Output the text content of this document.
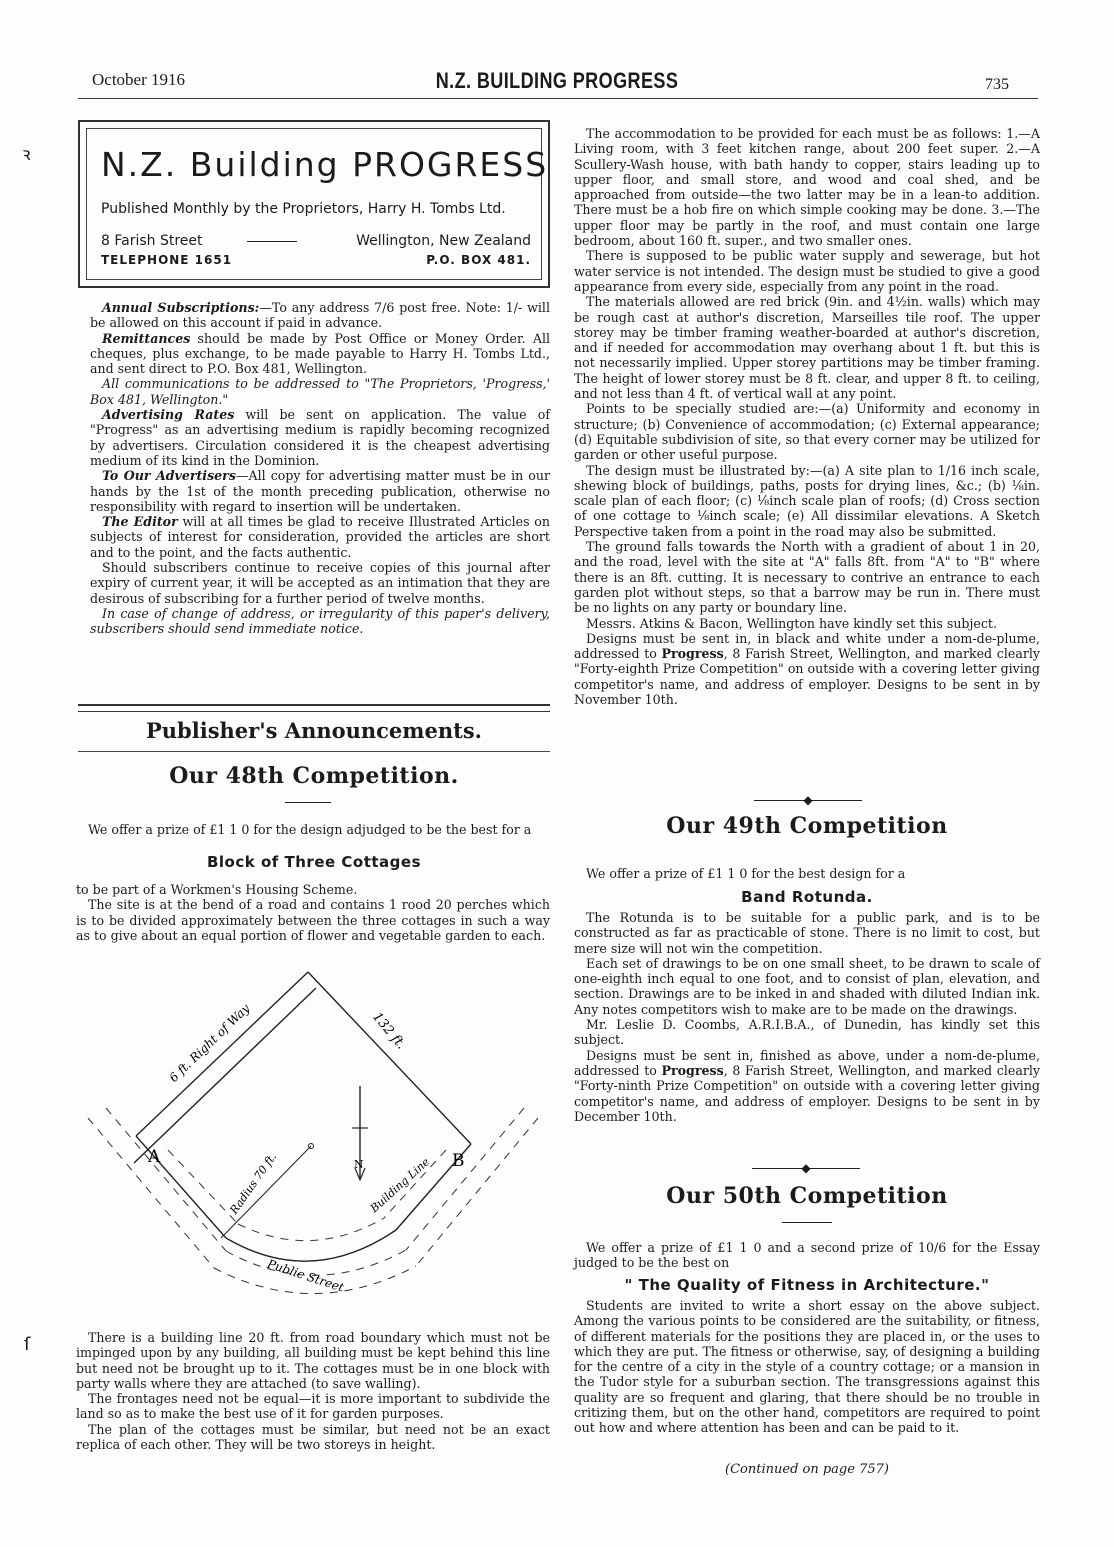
October 1916	N.Z. BUILDING PROGRESS	735
N.Z. Building PROGRESS
Published Monthly by the Proprietors, Harry H. Tombs Ltd.
8 Farish Street	Wellington, New Zealand
TELEPHONE 1651	P.O. BOX 481.

Annual Subscriptions:—To any address 7/6 post free. Note: 1/- will be allowed on this account if paid in advance.

Remittances should be made by Post Office or Money Order. All cheques, plus exchange, to be made payable to Harry H. Tombs Ltd., and sent direct to P.O. Box 481, Wellington.

All communications to be addressed to "The Proprietors, 'Progress,' Box 481, Wellington."

Advertising Rates will be sent on application. The value of "Progress" as an advertising medium is rapidly becoming recognized by advertisers. Circulation considered it is the cheapest advertising medium of its kind in the Dominion.

To Our Advertisers—All copy for advertising matter must be in our hands by the 1st of the month preceding publication, otherwise no responsibility with regard to insertion will be undertaken.

The Editor will at all times be glad to receive Illustrated Articles on subjects of interest for consideration, provided the articles are short and to the point, and the facts authentic.

Should subscribers continue to receive copies of this journal after expiry of current year, it will be accepted as an intimation that they are desirous of subscribing for a further period of twelve months.

In case of change of address, or irregularity of this paper's delivery, subscribers should send immediate notice.

Publisher's Announcements.
Our 48th Competition.

We offer a prize of £1 1 0 for the design adjudged to be the best for a

Block of Three Cottages

to be part of a Workmen's Housing Scheme.

The site is at the bend of a road and contains 1 rood 20 perches which is to be divided approximately between the three cottages in such a way as to give about an equal portion of flower and vegetable garden to each.

6 ft. Right of Way	132 ft.
Radius 70 ft.	Building Line
Public Street
A	B
N

There is a building line 20 ft. from road boundary which must not be impinged upon by any building, all building must be kept behind this line but need not be brought up to it. The cottages must be in one block with party walls where they are attached (to save walling).

The frontages need not be equal—it is more important to subdivide the land so as to make the best use of it for garden purposes.

The plan of the cottages must be similar, but need not be an exact replica of each other. They will be two storeys in height.

The accommodation to be provided for each must be as follows: 1.—A Living room, with 3 feet kitchen range, about 200 feet super. 2.—A Scullery-Wash house, with bath handy to copper, stairs leading up to upper floor, and small store, and wood and coal shed, and be approached from outside—the two latter may be in a lean-to addition. There must be a hob fire on which simple cooking may be done. 3.—The upper floor may be partly in the roof, and must contain one large bedroom, about 160 ft. super., and two smaller ones.

There is supposed to be public water supply and sewerage, but hot water service is not intended. The design must be studied to give a good appearance from every side, especially from any point in the road.

The materials allowed are red brick (9in. and 4½in. walls) which may be rough cast at author's discretion, Marseilles tile roof. The upper storey may be timber framing weather-boarded at author's discretion, and if needed for accommodation may overhang about 1 ft. but this is not necessarily implied. Upper storey partitions may be timber framing. The height of lower storey must be 8 ft. clear, and upper 8 ft. to ceiling, and not less than 4 ft. of vertical wall at any point.

Points to be specially studied are:—(a) Uniformity and economy in structure; (b) Convenience of accommodation; (c) External appearance; (d) Equitable subdivision of site, so that every corner may be utilized for garden or other useful purpose.

The design must be illustrated by:—(a) A site plan to 1/16 inch scale, shewing block of buildings, paths, posts for drying lines, &c.; (b) ⅛in. scale plan of each floor; (c) ⅛inch scale plan of roofs; (d) Cross section of one cottage to ⅛inch scale; (e) All dissimilar elevations. A Sketch Perspective taken from a point in the road may also be submitted.

The ground falls towards the North with a gradient of about 1 in 20, and the road, level with the site at "A" falls 8ft. from "A" to "B" where there is an 8ft. cutting. It is necessary to contrive an entrance to each garden plot without steps, so that a barrow may be run in. There must be no lights on any party or boundary line.

Messrs. Atkins & Bacon, Wellington have kindly set this subject.

Designs must be sent in, in black and white under a nom-de-plume, addressed to Progress, 8 Farish Street, Wellington, and marked clearly "Forty-eighth Prize Competition" on outside with a covering letter giving competitor's name, and address of employer. Designs to be sent in by November 10th.

◆
Our 49th Competition

We offer a prize of £1 1 0 for the best design for a

Band Rotunda.

The Rotunda is to be suitable for a public park, and is to be constructed as far as practicable of stone. There is no limit to cost, but mere size will not win the competition.

Each set of drawings to be on one small sheet, to be drawn to scale of one-eighth inch equal to one foot, and to consist of plan, elevation, and section. Drawings are to be inked in and shaded with diluted Indian ink. Any notes competitors wish to make are to be made on the drawings.

Mr. Leslie D. Coombs, A.R.I.B.A., of Dunedin, has kindly set this subject.

Designs must be sent in, finished as above, under a nom-de-plume, addressed to Progress, 8 Farish Street, Wellington, and marked clearly "Forty-ninth Prize Competition" on outside with a covering letter giving competitor's name, and address of employer. Designs to be sent in by December 10th.

◆
Our 50th Competition

We offer a prize of £1 1 0 and a second prize of 10/6 for the Essay judged to be the best on

" The Quality of Fitness in Architecture."

Students are invited to write a short essay on the above subject. Among the various points to be considered are the suitability, or fitness, of different materials for the positions they are placed in, or the uses to which they are put. The fitness or otherwise, say, of designing a building for the centre of a city in the style of a country cottage; or a mansion in the Tudor style for a suburban section. The transgressions against this quality are so frequent and glaring, that there should be no trouble in critizing them, but on the other hand, competitors are required to point out how and where attention has been and can be paid to it.

(Continued on page 757)
ꝛ
ſ
